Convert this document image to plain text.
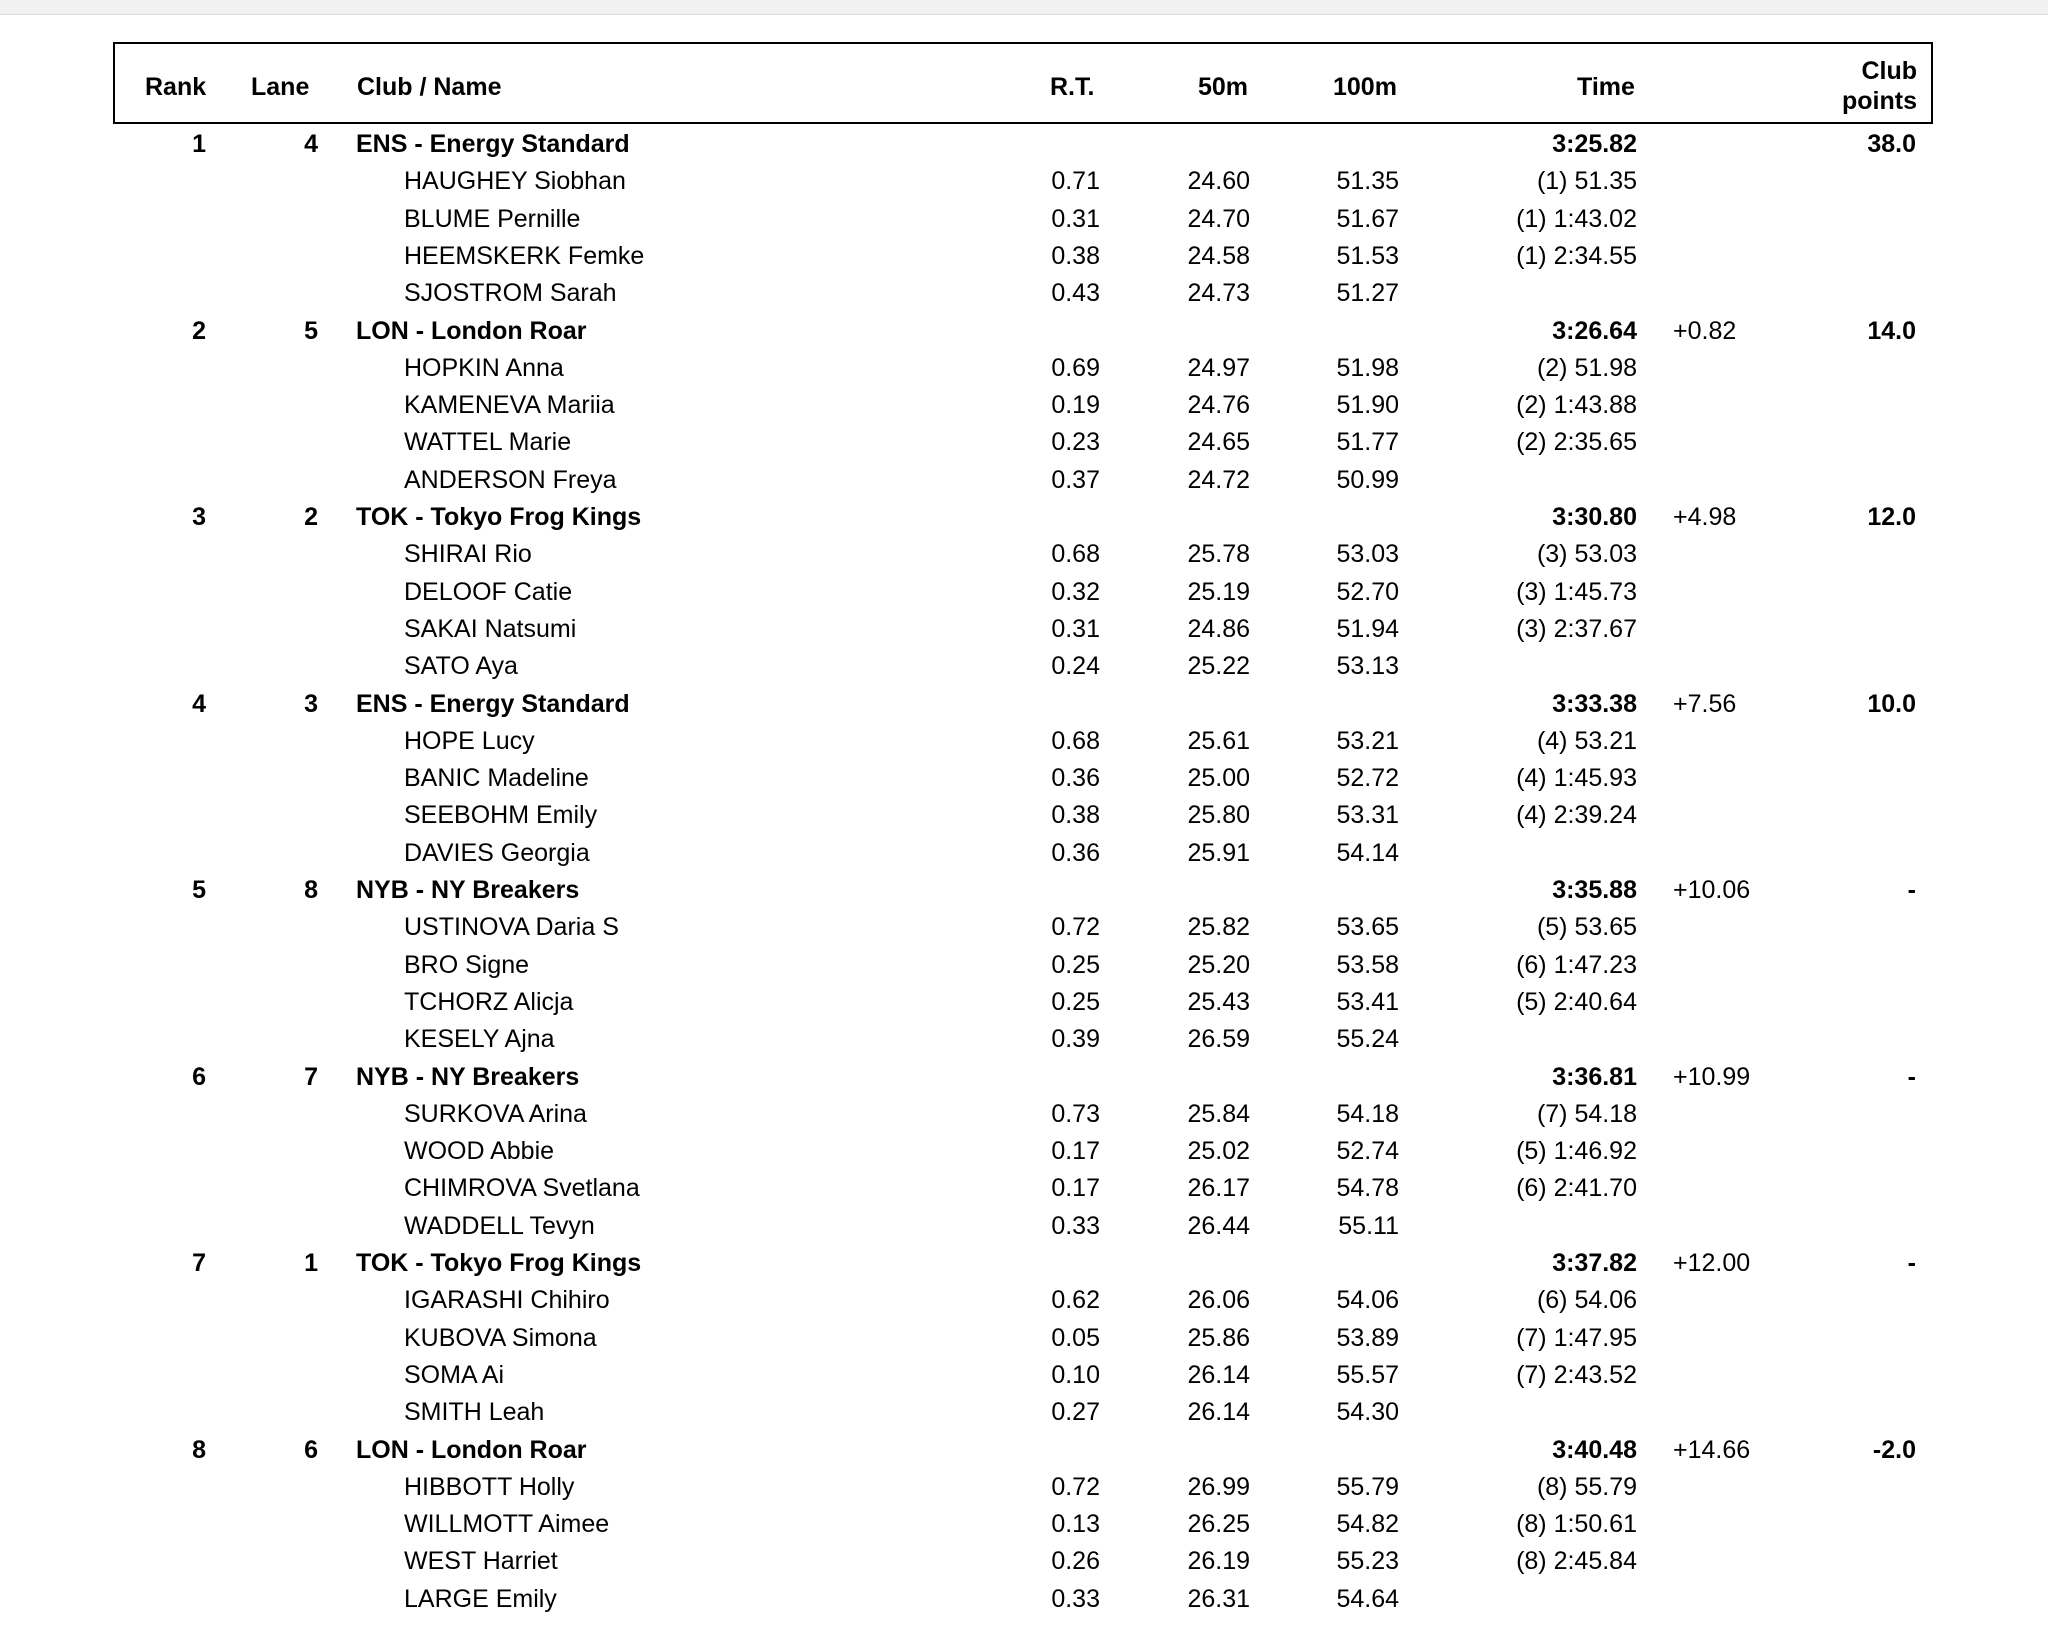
Rank Lane Club / Name	R.T.	50m	100m	Time
Club
points
1	4 ENS - Energy Standard	3:25.82	38.0
HAUGHEY Siobhan	0.71	24.60	51.35	(1) 51.35
BLUME Pernille	0.31	24.70	51.67	(1) 1:43.02
HEEMSKERK Femke	0.38	24.58	51.53	(1) 2:34.55
SJOSTROM Sarah	0.43	24.73	51.27
2	5 LON - London Roar	3:26.64 +0.82	14.0
HOPKIN Anna	0.69	24.97	51.98	(2) 51.98
KAMENEVA Mariia	0.19	24.76	51.90	(2) 1:43.88
WATTEL Marie	0.23	24.65	51.77	(2) 2:35.65
ANDERSON Freya	0.37	24.72	50.99
3	2 TOK - Tokyo Frog Kings	3:30.80 +4.98	12.0
SHIRAI Rio	0.68	25.78	53.03	(3) 53.03
DELOOF Catie	0.32	25.19	52.70	(3) 1:45.73
SAKAI Natsumi	0.31	24.86	51.94	(3) 2:37.67
SATO Aya	0.24	25.22	53.13
4	3 ENS - Energy Standard	3:33.38 +7.56	10.0
HOPE Lucy	0.68	25.61	53.21	(4) 53.21
BANIC Madeline	0.36	25.00	52.72	(4) 1:45.93
SEEBOHM Emily	0.38	25.80	53.31	(4) 2:39.24
DAVIES Georgia	0.36	25.91	54.14
5	8 NYB - NY Breakers	3:35.88 +10.06	-
USTINOVA Daria S	0.72	25.82	53.65	(5) 53.65
BRO Signe	0.25	25.20	53.58	(6) 1:47.23
TCHORZ Alicja	0.25	25.43	53.41	(5) 2:40.64
KESELY Ajna	0.39	26.59	55.24
6	7 NYB - NY Breakers	3:36.81 +10.99	-
SURKOVA Arina	0.73	25.84	54.18	(7) 54.18
WOOD Abbie	0.17	25.02	52.74	(5) 1:46.92
CHIMROVA Svetlana	0.17	26.17	54.78	(6) 2:41.70
WADDELL Tevyn	0.33	26.44	55.11
7	1 TOK - Tokyo Frog Kings	3:37.82 +12.00	-
IGARASHI Chihiro	0.62	26.06	54.06	(6) 54.06
KUBOVA Simona	0.05	25.86	53.89	(7) 1:47.95
SOMA Ai	0.10	26.14	55.57	(7) 2:43.52
SMITH Leah	0.27	26.14	54.30
8	6 LON - London Roar	3:40.48 +14.66	-2.0
HIBBOTT Holly	0.72	26.99	55.79	(8) 55.79
WILLMOTT Aimee	0.13	26.25	54.82	(8) 1:50.61
WEST Harriet	0.26	26.19	55.23	(8) 2:45.84
LARGE Emily	0.33	26.31	54.64
